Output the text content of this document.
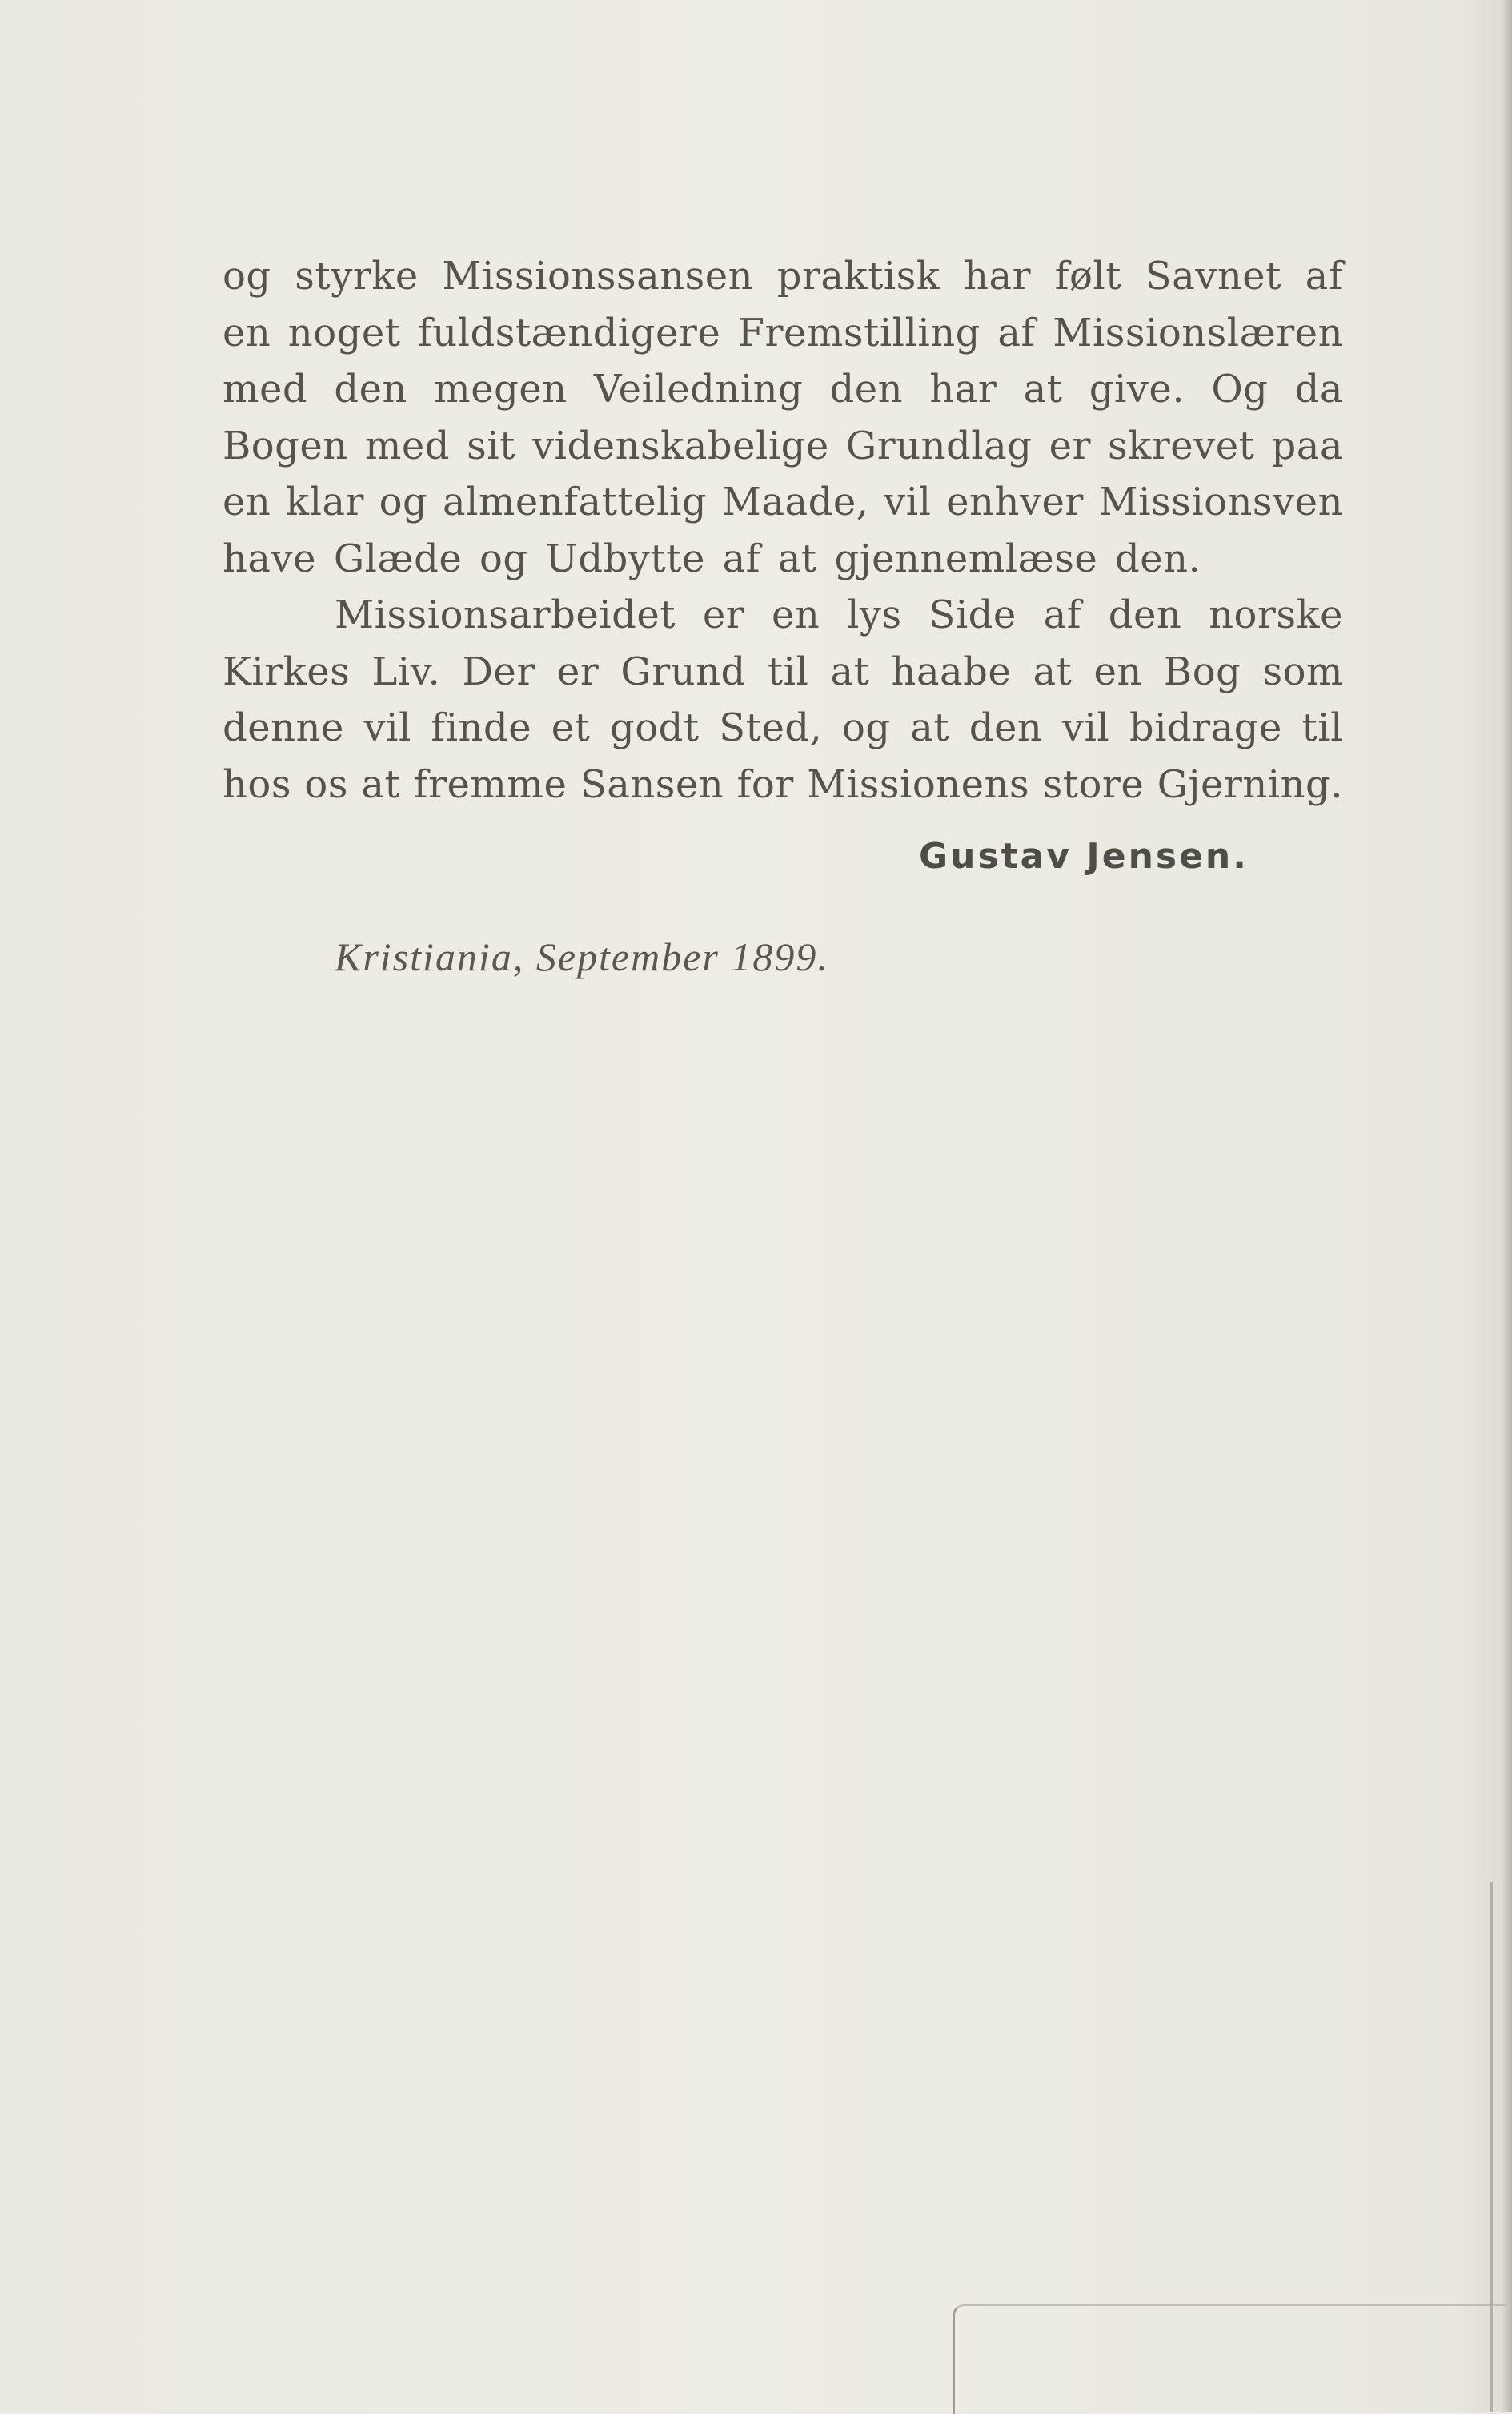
og styrke Missionssansen praktisk har følt Savnet af
en noget fuldstændigere Fremstilling af Missionslæren
med den megen Veiledning den har at give. Og da
Bogen med sit videnskabelige Grundlag er skrevet paa
en klar og almenfattelig Maade, vil enhver Missionsven
have Glæde og Udbytte af at gjennemlæse den.
Missionsarbeidet er en lys Side af den norske
Kirkes Liv. Der er Grund til at haabe at en Bog som
denne vil finde et godt Sted, og at den vil bidrage til
hos os at fremme Sansen for Missionens store Gjerning.
Gustav Jensen.
Kristiania, September 1899.
